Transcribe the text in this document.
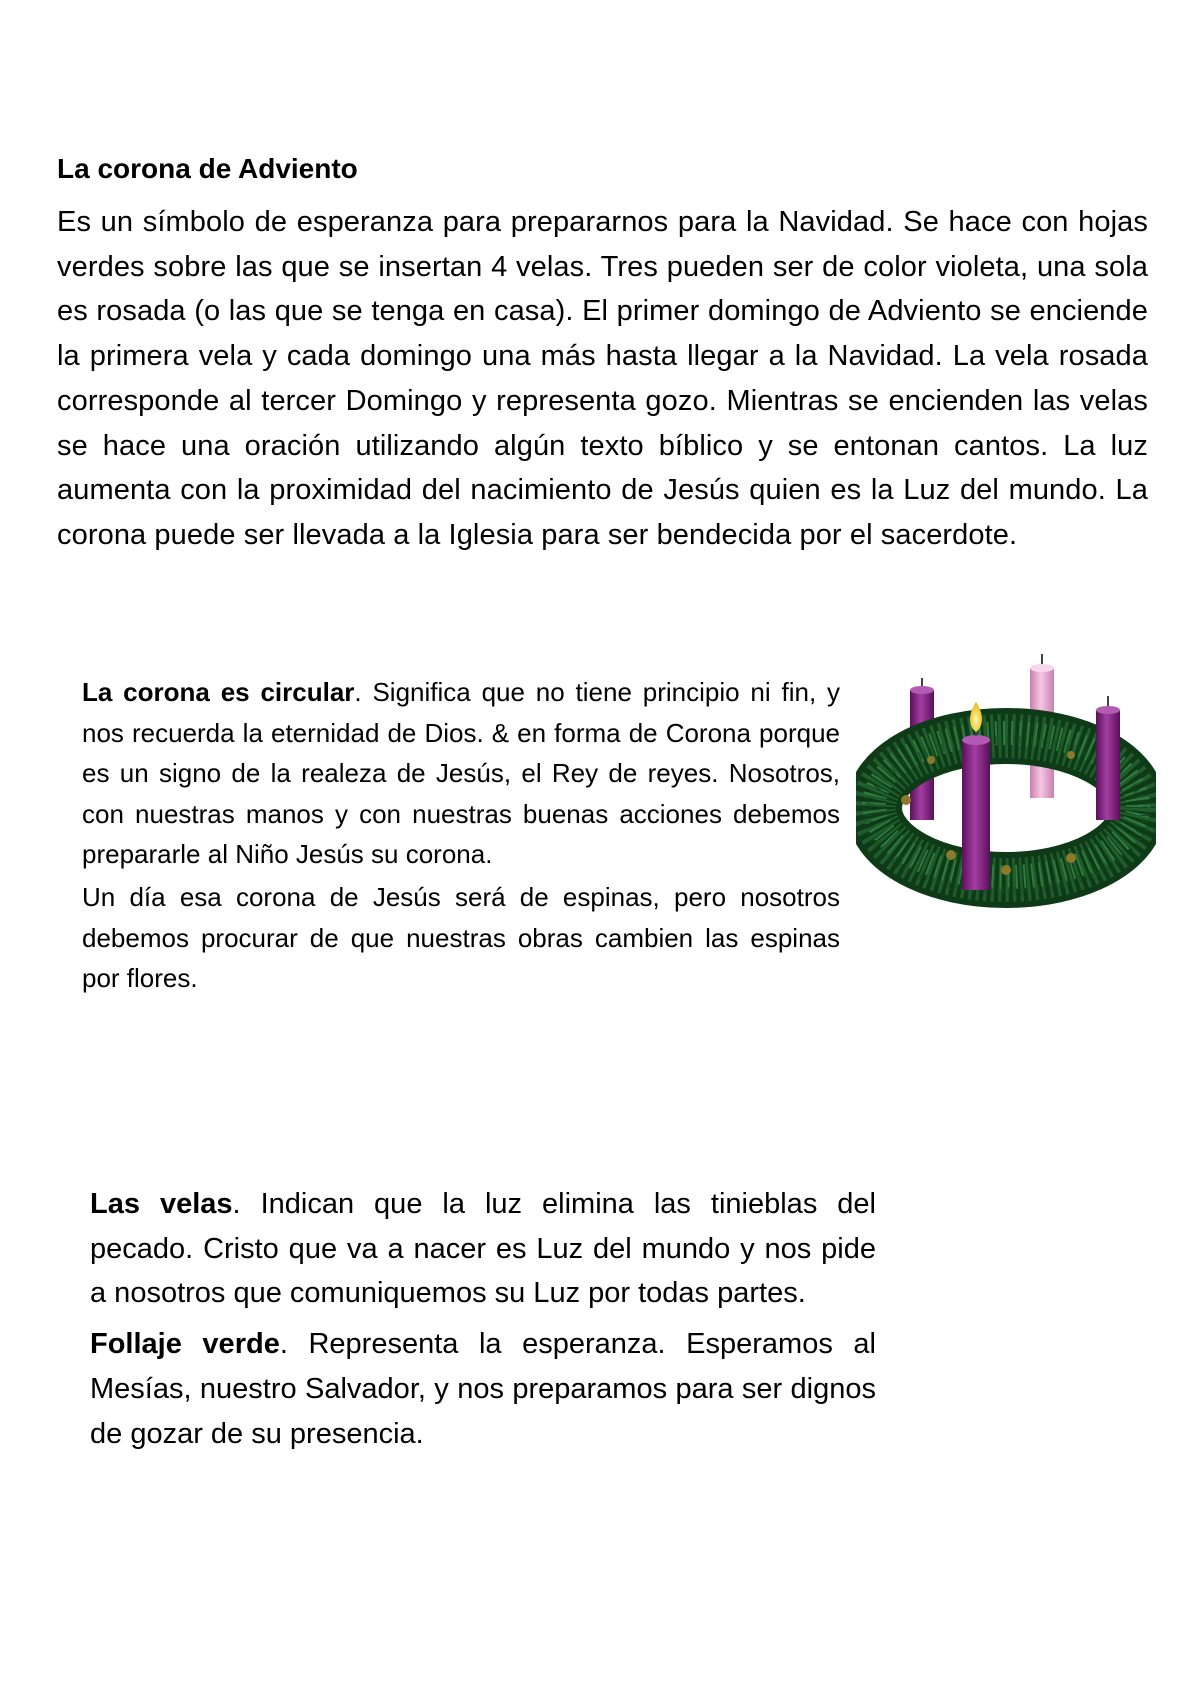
La corona de Adviento

Es un símbolo de esperanza para prepararnos para la Navidad. Se hace con hojas verdes sobre las que se insertan 4 velas. Tres pueden ser de color violeta, una sola es rosada (o las que se tenga en casa). El primer domingo de Adviento se enciende la primera vela y cada domingo una más hasta llegar a la Navidad. La vela rosada corresponde al tercer Domingo y representa gozo. Mientras se encienden las velas se hace una oración utilizando algún texto bíblico y se entonan cantos. La luz aumenta con la proximidad del nacimiento de Jesús quien es la Luz del mundo. La corona puede ser llevada a la Iglesia para ser bendecida por el sacerdote.

La corona es circular. Significa que no tiene principio ni fin, y nos recuerda la eternidad de Dios. & en forma de Corona porque es un signo de la realeza de Jesús, el Rey de reyes. Nosotros, con nuestras manos y con nuestras buenas acciones debemos prepararle al Niño Jesús su corona.

Un día esa corona de Jesús será de espinas, pero nosotros debemos procurar de que nuestras obras cambien las espinas por flores.

Las velas. Indican que la luz elimina las tinieblas del pecado. Cristo que va a nacer es Luz del mundo y nos pide a nosotros que comuniquemos su Luz por todas partes.

Follaje verde. Representa la esperanza. Esperamos al Mesías, nuestro Salvador, y nos preparamos para ser dignos de gozar de su presencia.
